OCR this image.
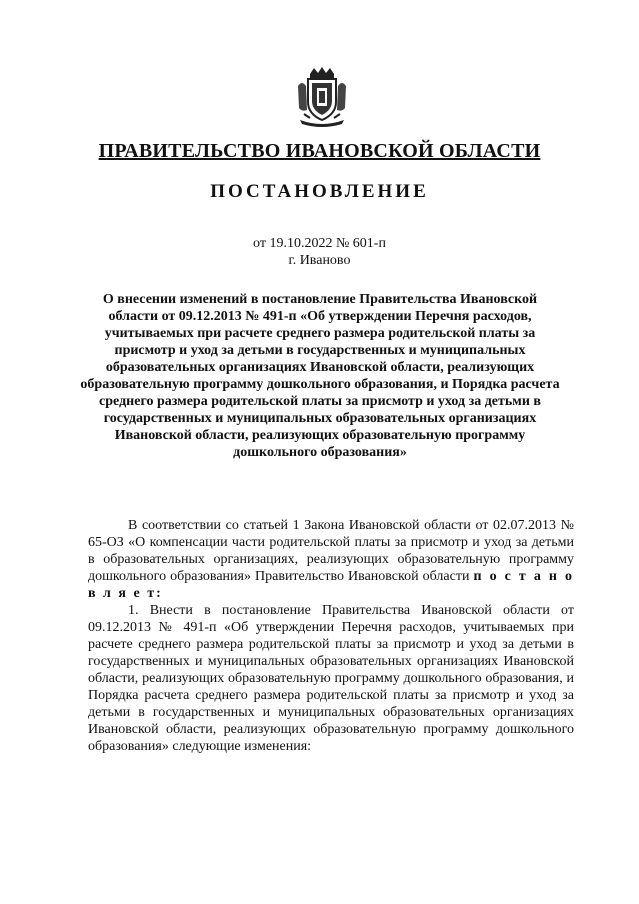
ПРАВИТЕЛЬСТВО ИВАНОВСКОЙ ОБЛАСТИ
ПОСТАНОВЛЕНИЕ
от 19.10.2022 № 601-п
г. Иваново
О внесении изменений в постановление Правительства Ивановской области от 09.12.2013 № 491-п «Об утверждении Перечня расходов, учитываемых при расчете среднего размера родительской платы за присмотр и уход за детьми в государственных и муниципальных образовательных организациях Ивановской области, реализующих образовательную программу дошкольного образования, и Порядка расчета среднего размера родительской платы за присмотр и уход за детьми в государственных и муниципальных образовательных организациях Ивановской области, реализующих образовательную программу дошкольного образования»

В соответствии со статьей 1 Закона Ивановской области от 02.07.2013 № 65-ОЗ «О компенсации части родительской платы за присмотр и уход за детьми в образовательных организациях, реализующих образовательную программу дошкольного образования» Правительство Ивановской области п о с т а н о в л я е т:

1. Внести в постановление Правительства Ивановской области от 09.12.2013 № 491-п «Об утверждении Перечня расходов, учитываемых при расчете среднего размера родительской платы за присмотр и уход за детьми в государственных и муниципальных образовательных организациях Ивановской области, реализующих образовательную программу дошкольного образования, и Порядка расчета среднего размера родительской платы за присмотр и уход за детьми в государственных и муниципальных образовательных организациях Ивановской области, реализующих образовательную программу дошкольного образования» следующие изменения:
